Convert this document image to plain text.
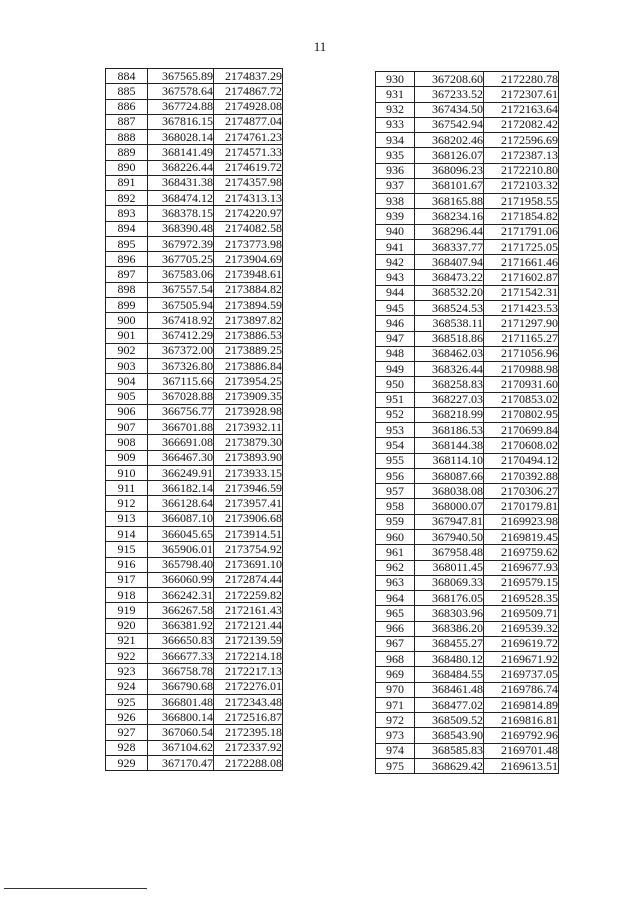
11
884	367565.89	2174837.29
885	367578.64	2174867.72
886	367724.88	2174928.08
887	367816.15	2174877.04
888	368028.14	2174761.23
889	368141.49	2174571.33
890	368226.44	2174619.72
891	368431.38	2174357.98
892	368474.12	2174313.13
893	368378.15	2174220.97
894	368390.48	2174082.58
895	367972.39	2173773.98
896	367705.25	2173904.69
897	367583.06	2173948.61
898	367557.54	2173884.82
899	367505.94	2173894.59
900	367418.92	2173897.82
901	367412.29	2173886.53
902	367372.00	2173889.25
903	367326.80	2173886.84
904	367115.66	2173954.25
905	367028.88	2173909.35
906	366756.77	2173928.98
907	366701.88	2173932.11
908	366691.08	2173879.30
909	366467.30	2173893.90
910	366249.91	2173933.15
911	366182.14	2173946.59
912	366128.64	2173957.41
913	366087.10	2173906.68
914	366045.65	2173914.51
915	365906.01	2173754.92
916	365798.40	2173691.10
917	366060.99	2172874.44
918	366242.31	2172259.82
919	366267.58	2172161.43
920	366381.92	2172121.44
921	366650.83	2172139.59
922	366677.33	2172214.18
923	366758.78	2172217.13
924	366790.68	2172276.01
925	366801.48	2172343.48
926	366800.14	2172516.87
927	367060.54	2172395.18
928	367104.62	2172337.92
929	367170.47	2172288.08
930	367208.60	2172280.78
931	367233.52	2172307.61
932	367434.50	2172163.64
933	367542.94	2172082.42
934	368202.46	2172596.69
935	368126.07	2172387.13
936	368096.23	2172210.80
937	368101.67	2172103.32
938	368165.88	2171958.55
939	368234.16	2171854.82
940	368296.44	2171791.06
941	368337.77	2171725.05
942	368407.94	2171661.46
943	368473.22	2171602.87
944	368532.20	2171542.31
945	368524.53	2171423.53
946	368538.11	2171297.90
947	368518.86	2171165.27
948	368462.03	2171056.96
949	368326.44	2170988.98
950	368258.83	2170931.60
951	368227.03	2170853.02
952	368218.99	2170802.95
953	368186.53	2170699.84
954	368144.38	2170608.02
955	368114.10	2170494.12
956	368087.66	2170392.88
957	368038.08	2170306.27
958	368000.07	2170179.81
959	367947.81	2169923.98
960	367940.50	2169819.45
961	367958.48	2169759.62
962	368011.45	2169677.93
963	368069.33	2169579.15
964	368176.05	2169528.35
965	368303.96	2169509.71
966	368386.20	2169539.32
967	368455.27	2169619.72
968	368480.12	2169671.92
969	368484.55	2169737.05
970	368461.48	2169786.74
971	368477.02	2169814.89
972	368509.52	2169816.81
973	368543.90	2169792.96
974	368585.83	2169701.48
975	368629.42	2169613.51
